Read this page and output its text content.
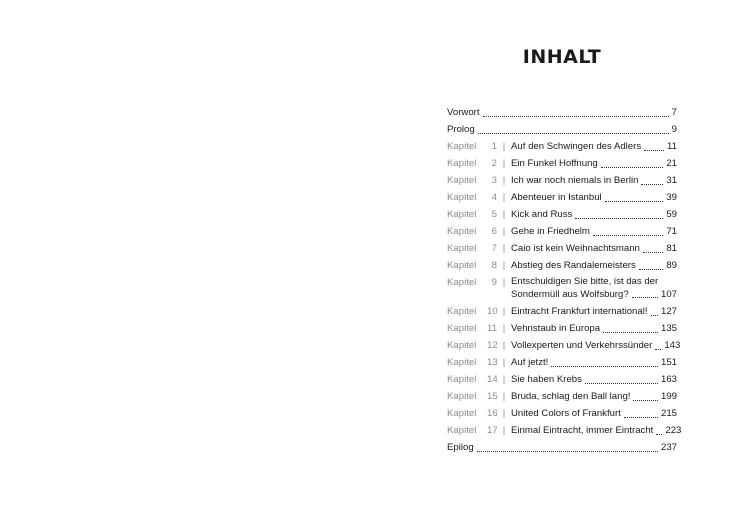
INHALT
Vorwort	7
Prolog	9
Kapitel	1 | Auf den Schwingen des Adlers	11
Kapitel	2 | Ein Funkel Hoffnung	21
Kapitel	3 | Ich war noch niemals in Berlin	31
Kapitel	4 | Abenteuer in Istanbul	39
Kapitel	5 | Kick and Russ	59
Kapitel	6 | Gehe in Friedhelm	71
Kapitel	7 | Caio ist kein Weihnachtsmann	81
Kapitel	8 | Abstieg des Randalemeisters	89
Kapitel	9 | Entschuldigen Sie bitte, ist das der
Sondermüll aus Wolfsburg?	107
Kapitel	10 | Eintracht Frankfurt international! 127
Kapitel	11 | Vehnstaub in Europa	135
Kapitel	12 | Vollexperten und Verkehrssünder 143
Kapitel	13 | Auf jetzt!	151
Kapitel	14 | Sie haben Krebs	163
Kapitel	15 | Bruda, schlag den Ball lang!	199
Kapitel	16 | United Colors of Frankfurt	215
Kapitel	17 | Einmal Eintracht, immer Eintracht 223
Epilog	237
